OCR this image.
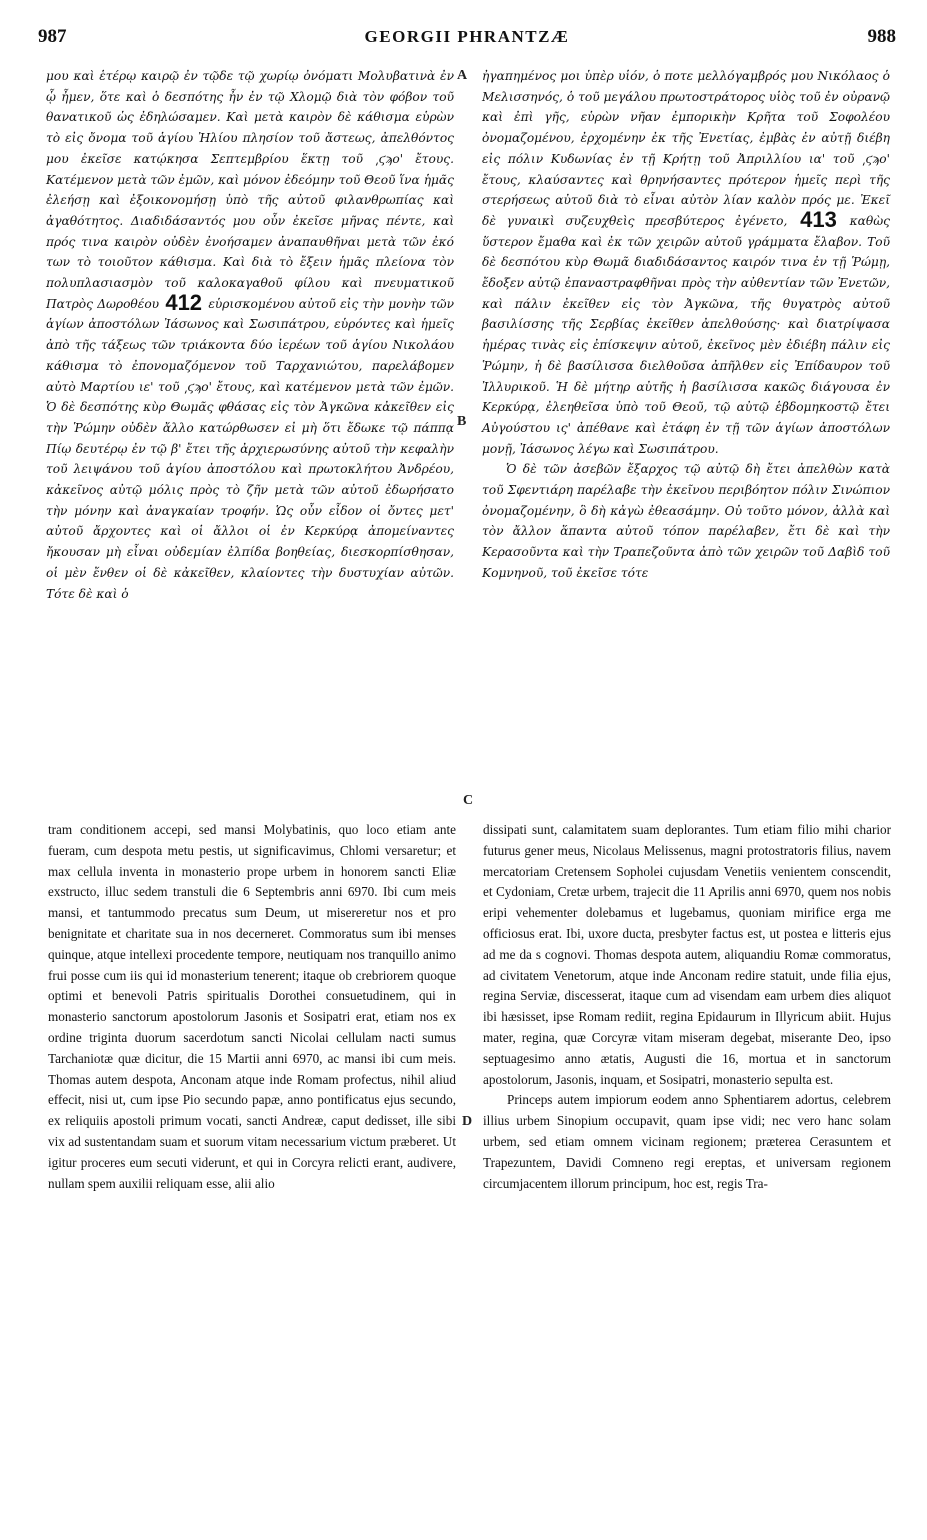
987	GEORGII PHRANTZÆ	988
A
B
C
D

μου καὶ ἑτέρῳ καιρῷ ἐν τῷδε τῷ χωρίῳ ὀνόματι Μολυβατινὰ ἐν ᾧ ἦμεν, ὅτε καὶ ὁ δεσπότης ἦν ἐν τῷ Χλομῷ διὰ τὸν φόβον τοῦ θανατικοῦ ὡς ἐδηλώσαμεν. Καὶ μετὰ καιρὸν δὲ κάθισμα εὑρὼν τὸ εἰς ὄνομα τοῦ ἁγίου Ἠλίου πλησίον τοῦ ἄστεως, ἀπελθόντος μου ἐκεῖσε κατῴκησα Σεπτεμβρίου ἕκτῃ τοῦ ͵ϛϡο' ἔτους. Κατέμενον μετὰ τῶν ἐμῶν, καὶ μόνον ἐδεόμην τοῦ Θεοῦ ἵνα ἡμᾶς ἐλεήσῃ καὶ ἐξοικονομήσῃ ὑπὸ τῆς αὐτοῦ φιλανθρωπίας καὶ ἀγαθότητος. Διαδιδάσαντός μου οὖν ἐκεῖσε μῆνας πέντε, καὶ πρός τινα καιρὸν οὐδὲν ἐνοήσαμεν ἀναπαυθῆναι μετὰ τῶν ἐκό των τὸ τοιοῦτον κάθισμα. Καὶ διὰ τὸ ἔξειν ἡμᾶς πλείονα τὸν πολυπλασιασμὸν τοῦ καλοκαγαθοῦ φίλου καὶ πνευματικοῦ Πατρὸς Δωροθέου 412 εὑρισκομένου αὐτοῦ εἰς τὴν μονὴν τῶν ἁγίων ἀποστόλων Ἰάσωνος καὶ Σωσιπάτρου, εὑρόντες καὶ ἡμεῖς ἀπὸ τῆς τάξεως τῶν τριάκοντα δύο ἱερέων τοῦ ἁγίου Νικολάου κάθισμα τὸ ἐπονομαζόμενον τοῦ Ταρχανιώτου, παρελάβομεν αὐτὸ Μαρτίου ιε' τοῦ ͵ϛϡο' ἔτους, καὶ κατέμενον μετὰ τῶν ἐμῶν. Ὁ δὲ δεσπότης κὺρ Θωμᾶς φθάσας εἰς τὸν Ἀγκῶνα κἀκεῖθεν εἰς τὴν Ῥώμην οὐδὲν ἄλλο κατώρθωσεν εἰ μὴ ὅτι ἔδωκε τῷ πάππᾳ Πίῳ δευτέρῳ ἐν τῷ β' ἔτει τῆς ἀρχιερωσύνης αὐτοῦ τὴν κεφαλὴν τοῦ λειψάνου τοῦ ἁγίου ἀποστόλου καὶ πρωτοκλήτου Ἀνδρέου, κἀκεῖνος αὐτῷ μόλις πρὸς τὸ ζῆν μετὰ τῶν αὐτοῦ ἐδωρήσατο τὴν μόνην καὶ ἀναγκαίαν τροφήν. Ὡς οὖν εἶδον οἱ ὄντες μετ' αὐτοῦ ἄρχοντες καὶ οἱ ἄλλοι οἱ ἐν Κερκύρᾳ ἀπομείναντες ἤκουσαν μὴ εἶναι οὐδεμίαν ἐλπίδα βοηθείας, διεσκορπίσθησαν, οἱ μὲν ἔνθεν οἱ δὲ κἀκεῖθεν, κλαίοντες τὴν δυστυχίαν αὐτῶν. Τότε δὲ καὶ ὁ

ἠγαπημένος μοι ὑπὲρ υἱόν, ὁ ποτε μελλόγαμβρός μου Νικόλαος ὁ Μελισσηνός, ὁ τοῦ μεγάλου πρωτοστράτορος υἱὸς τοῦ ἐν οὐρανῷ καὶ ἐπὶ γῆς, εὑρὼν νῆαν ἐμπορικὴν Κρῆτα τοῦ Σοφολέου ὀνομαζομένου, ἐρχομένην ἐκ τῆς Ἐνετίας, ἐμβὰς ἐν αὐτῇ διέβη εἰς πόλιν Κυδωνίας ἐν τῇ Κρήτῃ τοῦ Ἀπριλλίου ια' τοῦ ͵ϛϡο' ἔτους, κλαύσαντες καὶ θρηνήσαντες πρότερον ἡμεῖς περὶ τῆς στερήσεως αὐτοῦ διὰ τὸ εἶναι αὐτὸν λίαν καλὸν πρός με. Ἐκεῖ δὲ γυναικὶ συζευχθεὶς πρεσβύτερος ἐγένετο, 413 καθὼς ὕστερον ἔμαθα καὶ ἐκ τῶν χειρῶν αὐτοῦ γράμματα ἔλαβον. Τοῦ δὲ δεσπότου κὺρ Θωμᾶ διαδιδάσαντος καιρόν τινα ἐν τῇ Ῥώμῃ, ἔδοξεν αὐτῷ ἐπαναστραφθῆναι πρὸς τὴν αὐθεντίαν τῶν Ἐνετῶν, καὶ πάλιν ἐκεῖθεν εἰς τὸν Ἀγκῶνα, τῆς θυγατρὸς αὐτοῦ βασιλίσσης τῆς Σερβίας ἐκεῖθεν ἀπελθούσης· καὶ διατρίψασα ἡμέρας τινὰς εἰς ἐπίσκεψιν αὐτοῦ, ἐκεῖνος μὲν ἐδιέβη πάλιν εἰς Ῥώμην, ἡ δὲ βασίλισσα διελθοῦσα ἀπῆλθεν εἰς Ἐπίδαυρον τοῦ Ἰλλυρικοῦ. Ἡ δὲ μήτηρ αὐτῆς ἡ βασίλισσα κακῶς διάγουσα ἐν Κερκύρᾳ, ἐλεηθεῖσα ὑπὸ τοῦ Θεοῦ, τῷ αὐτῷ ἑβδομηκοστῷ ἔτει Αὐγούστου ις' ἀπέθανε καὶ ἐτάφη ἐν τῇ τῶν ἁγίων ἀποστόλων μονῇ, Ἰάσωνος λέγω καὶ Σωσιπάτρου.

Ὁ δὲ τῶν ἀσεβῶν ἔξαρχος τῷ αὐτῷ δὴ ἔτει ἀπελθὼν κατὰ τοῦ Σφεντιάρη παρέλαβε τὴν ἐκεῖνου περιβόητον πόλιν Σινώπιον ὀνομαζομένην, ὃ δὴ κἀγὼ ἐθεασάμην. Οὐ τοῦτο μόνον, ἀλλὰ καὶ τὸν ἄλλον ἅπαντα αὐτοῦ τόπον παρέλαβεν, ἔτι δὲ καὶ τὴν Κερασοῦντα καὶ τὴν Τραπεζοῦντα ἀπὸ τῶν χειρῶν τοῦ Δαβὶδ τοῦ Κομνηνοῦ, τοῦ ἐκεῖσε τότε

tram conditionem accepi, sed mansi Molybatinis, quo loco etiam ante fueram, cum despota metu pestis, ut significavimus, Chlomi versaretur; et max cellula inventa in monasterio prope urbem in honorem sancti Eliæ exstructo, illuc sedem transtuli die 6 Septembris anni 6970. Ibi cum meis mansi, et tantummodo precatus sum Deum, ut misereretur nos et pro benignitate et charitate sua in nos decerneret. Commoratus sum ibi menses quinque, atque intellexi procedente tempore, neutiquam nos tranquillo animo frui posse cum iis qui id monasterium tenerent; itaque ob crebriorem quoque optimi et benevoli Patris spiritualis Dorothei consuetudinem, qui in monasterio sanctorum apostolorum Jasonis et Sosipatri erat, etiam nos ex ordine triginta duorum sacerdotum sancti Nicolai cellulam nacti sumus Tarchaniotæ quæ dicitur, die 15 Martii anni 6970, ac mansi ibi cum meis. Thomas autem despota, Anconam atque inde Romam profectus, nihil aliud effecit, nisi ut, cum ipse Pio secundo papæ, anno pontificatus ejus secundo, ex reliquiis apostoli primum vocati, sancti Andreæ, caput dedisset, ille sibi vix ad sustentandam suam et suorum vitam necessarium victum præberet. Ut igitur proceres eum secuti viderunt, et qui in Corcyra relicti erant, audivere, nullam spem auxilii reliquam esse, alii alio

dissipati sunt, calamitatem suam deplorantes. Tum etiam filio mihi charior futurus gener meus, Nicolaus Melissenus, magni protostratoris filius, navem mercatoriam Cretensem Sopholei cujusdam Venetiis venientem conscendit, et Cydoniam, Cretæ urbem, trajecit die 11 Aprilis anni 6970, quem nos nobis eripi vehementer dolebamus et lugebamus, quoniam mirifice erga me officiosus erat. Ibi, uxore ducta, presbyter factus est, ut postea e litteris ejus ad me da s cognovi. Thomas despota autem, aliquandiu Romæ commoratus, ad civitatem Venetorum, atque inde Anconam redire statuit, unde filia ejus, regina Serviæ, discesserat, itaque cum ad visendam eam urbem dies aliquot ibi hæsisset, ipse Romam rediit, regina Epidaurum in Illyricum abiit. Hujus mater, regina, quæ Corcyræ vitam miseram degebat, miserante Deo, ipso septuagesimo anno ætatis, Augusti die 16, mortua et in sanctorum apostolorum, Jasonis, inquam, et Sosipatri, monasterio sepulta est.

Princeps autem impiorum eodem anno Sphentiarem adortus, celebrem illius urbem Sinopium occupavit, quam ipse vidi; nec vero hanc solam urbem, sed etiam omnem vicinam regionem; præterea Cerasuntem et Trapezuntem, Davidi Comneno regi ereptas, et universam regionem circumjacentem illorum principum, hoc est, regis Tra-
